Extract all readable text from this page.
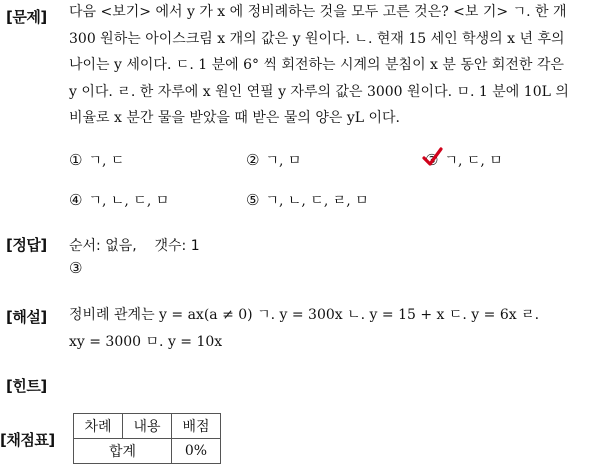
[문제] 다음 <보기> 에서 y 가 x 에 정비례하는 것을 모두 고른 것은? <보 기> ㄱ. 한 개
300 원하는 아이스크림 x 개의 값은 y 원이다. ㄴ. 현재 15 세인 학생의 x 년 후의
나이는 y 세이다. ㄷ. 1 분에 6° 씩 회전하는 시계의 분침이 x 분 동안 회전한 각은
y 이다. ㄹ. 한 자루에 x 원인 연필 y 자루의 값은 3000 원이다. ㅁ. 1 분에 10L 의
비율로 x 분간 물을 받았을 때 받은 물의 양은 yL 이다.
① ㄱ, ㄷ	② ㄱ, ㅁ	③ ㄱ, ㄷ, ㅁ
④ ㄱ, ㄴ, ㄷ, ㅁ	⑤ ㄱ, ㄴ, ㄷ, ㄹ, ㅁ
[정답] 순서: 없음,    갯수: 1
③
[해설] 정비례 관계는 y = ax(a ≠ 0) ㄱ. y = 300x ㄴ. y = 15 + x ㄷ. y = 6x ㄹ.
xy = 3000 ㅁ. y = 10x
[힌트]
[채점표]
차례	내용	배점
합계		0%
